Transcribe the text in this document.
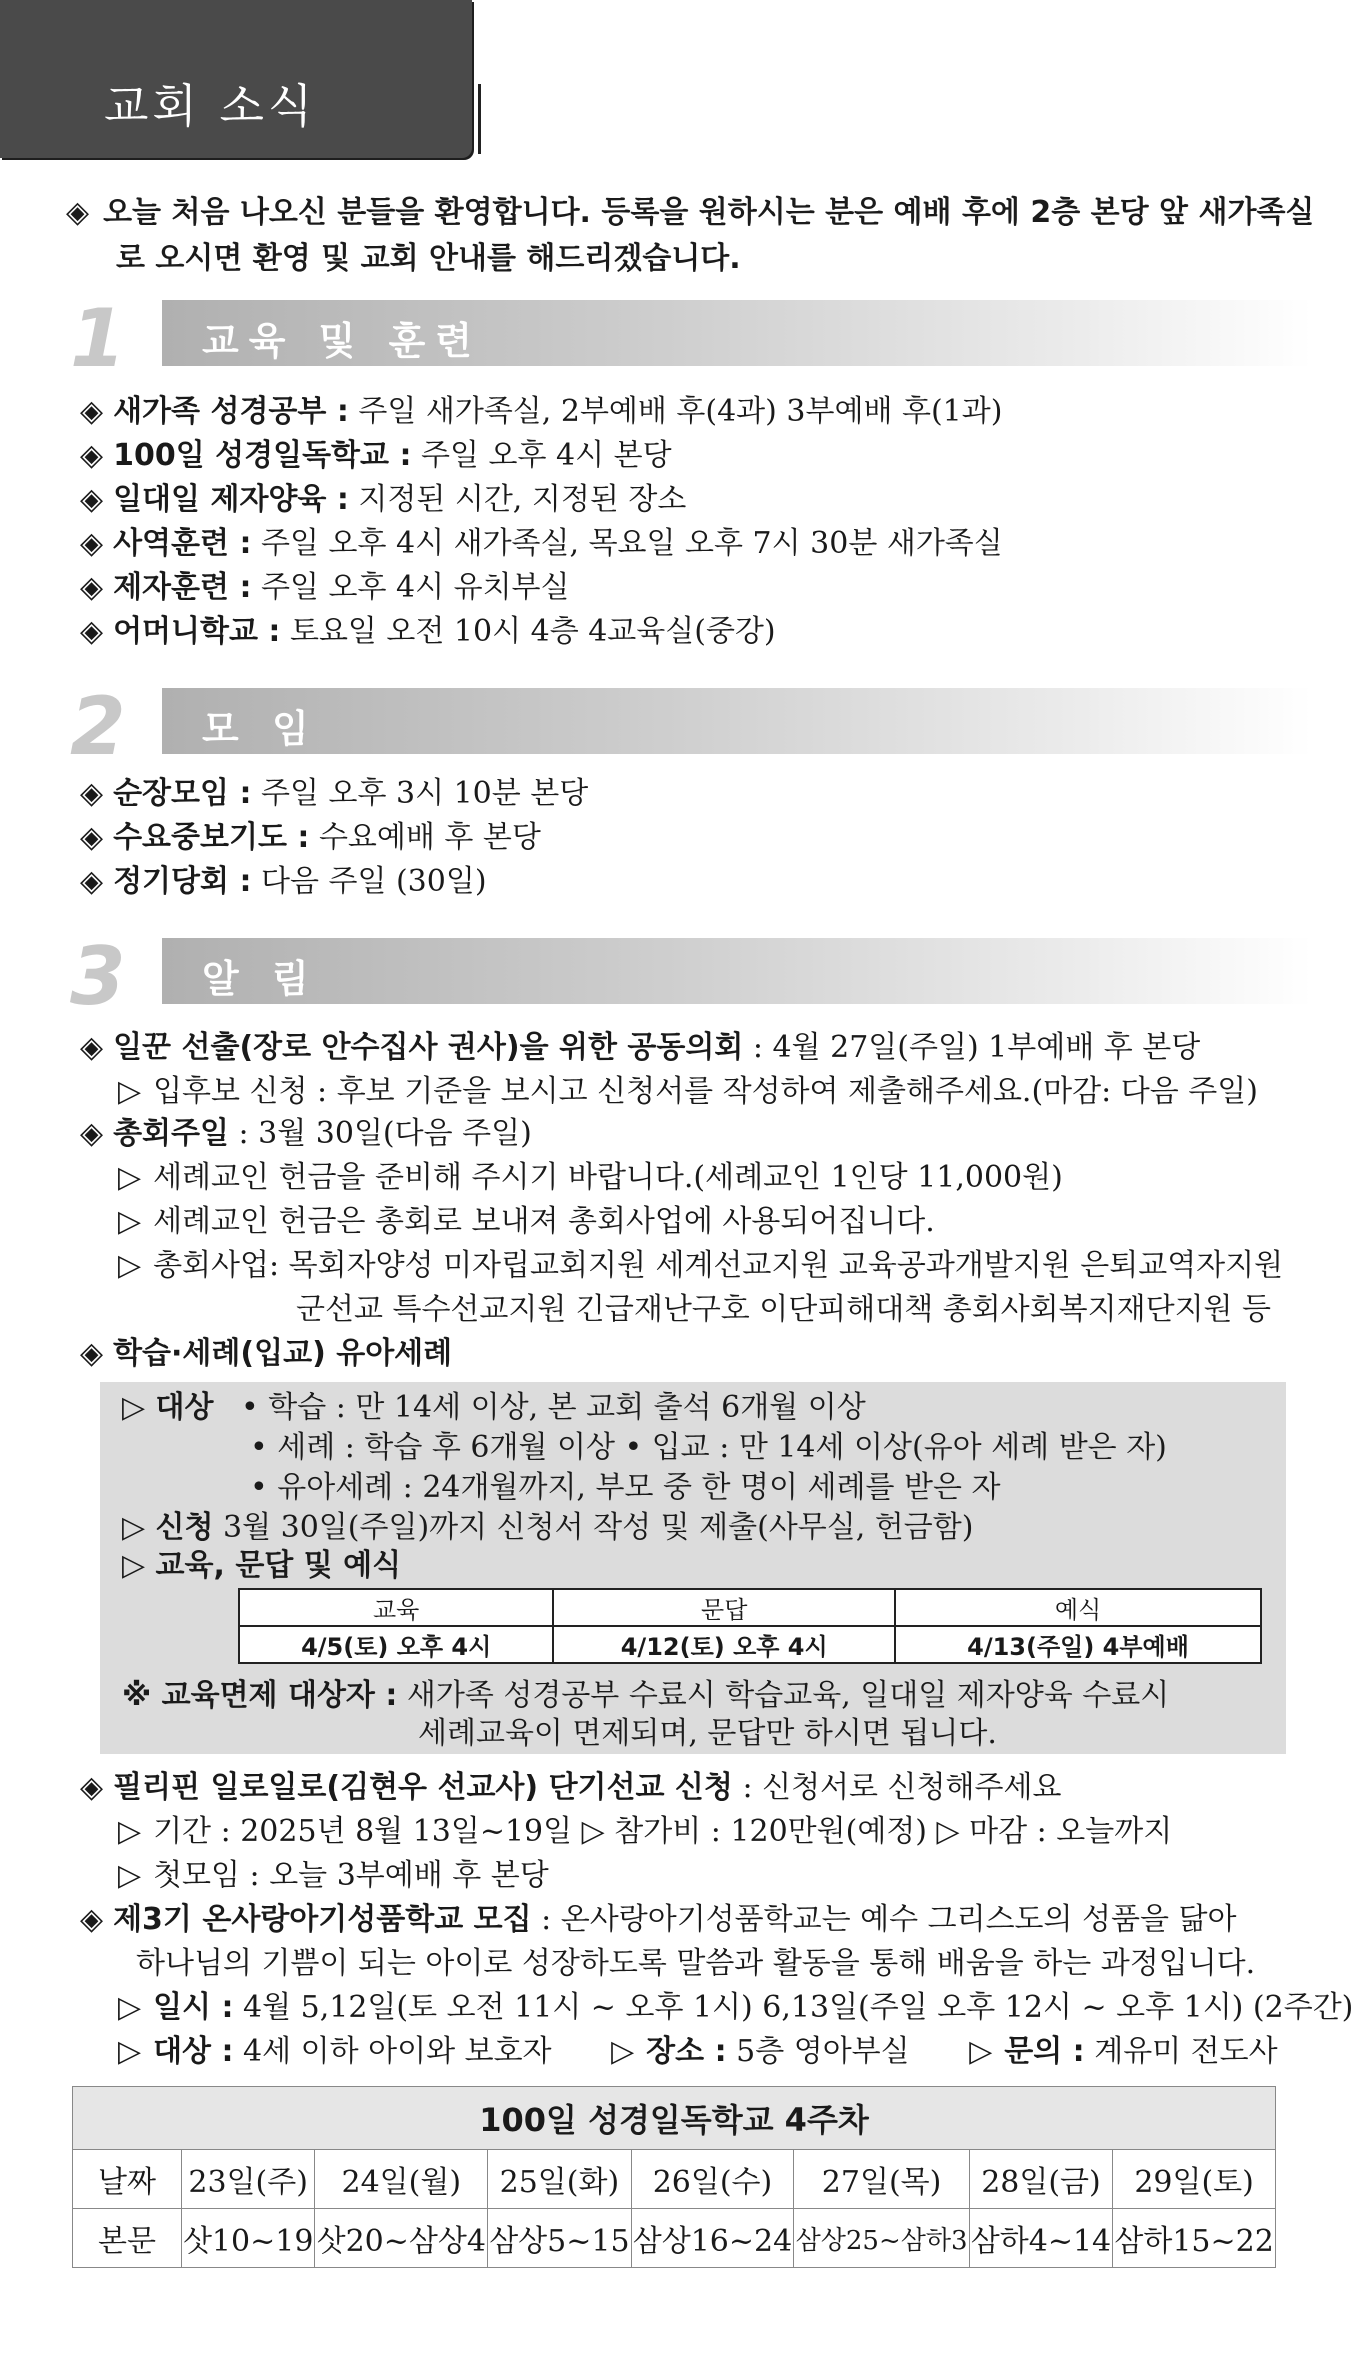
교회 소식
◈ 오늘 처음 나오신 분들을 환영합니다. 등록을 원하시는 분은 예배 후에 2층 본당 앞 새가족실
로 오시면 환영 및 교회 안내를 해드리겠습니다.
1 교육 및 훈련
◈ 새가족 성경공부 : 주일 새가족실, 2부예배 후(4과) 3부예배 후(1과)
◈ 100일 성경일독학교 : 주일 오후 4시 본당
◈ 일대일 제자양육 : 지정된 시간, 지정된 장소
◈ 사역훈련 : 주일 오후 4시 새가족실, 목요일 오후 7시 30분 새가족실
◈ 제자훈련 : 주일 오후 4시 유치부실
◈ 어머니학교 : 토요일 오전 10시 4층 4교육실(중강)
2 모 임
◈ 순장모임 : 주일 오후 3시 10분 본당
◈ 수요중보기도 : 수요예배 후 본당
◈ 정기당회 : 다음 주일 (30일)
3 알 림
◈ 일꾼 선출(장로 안수집사 권사)을 위한 공동의회 : 4월 27일(주일) 1부예배 후 본당
▷ 입후보 신청 : 후보 기준을 보시고 신청서를 작성하여 제출해주세요.(마감: 다음 주일)
◈ 총회주일 : 3월 30일(다음 주일)
▷ 세례교인 헌금을 준비해 주시기 바랍니다.(세례교인 1인당 11,000원)
▷ 세례교인 헌금은 총회로 보내져 총회사업에 사용되어집니다.
▷ 총회사업: 목회자양성 미자립교회지원 세계선교지원 교육공과개발지원 은퇴교역자지원
군선교 특수선교지원 긴급재난구호 이단피해대책 총회사회복지재단지원 등
◈ 학습·세례(입교) 유아세례
▷ 대상 • 학습 : 만 14세 이상, 본 교회 출석 6개월 이상
• 세례 : 학습 후 6개월 이상 • 입교 : 만 14세 이상(유아 세례 받은 자)
• 유아세례 : 24개월까지, 부모 중 한 명이 세례를 받은 자
▷ 신청 3월 30일(주일)까지 신청서 작성 및 제출(사무실, 헌금함)
▷ 교육, 문답 및 예식
교육	문답	예식
4/5(토) 오후 4시	4/12(토) 오후 4시	4/13(주일) 4부예배
※ 교육면제 대상자 : 새가족 성경공부 수료시 학습교육, 일대일 제자양육 수료시
세례교육이 면제되며, 문답만 하시면 됩니다.
◈ 필리핀 일로일로(김현우 선교사) 단기선교 신청 : 신청서로 신청해주세요
▷ 기간 : 2025년 8월 13일~19일 ▷ 참가비 : 120만원(예정) ▷ 마감 : 오늘까지
▷ 첫모임 : 오늘 3부예배 후 본당
◈ 제3기 온사랑아기성품학교 모집 : 온사랑아기성품학교는 예수 그리스도의 성품을 닮아
하나님의 기쁨이 되는 아이로 성장하도록 말씀과 활동을 통해 배움을 하는 과정입니다.
▷ 일시 : 4월 5,12일(토 오전 11시 ~ 오후 1시) 6,13일(주일 오후 12시 ~ 오후 1시) (2주간)
▷ 대상 : 4세 이하 아이와 보호자 ▷ 장소 : 5층 영아부실 ▷ 문의 : 계유미 전도사
100일 성경일독학교 4주차							
날짜	23일(주)	24일(월)	25일(화)	26일(수)	27일(목)	28일(금)	29일(토)
본문	삿10~19	삿20~삼상4	삼상5~15	삼상16~24	삼상25~삼하3	삼하4~14	삼하15~22
